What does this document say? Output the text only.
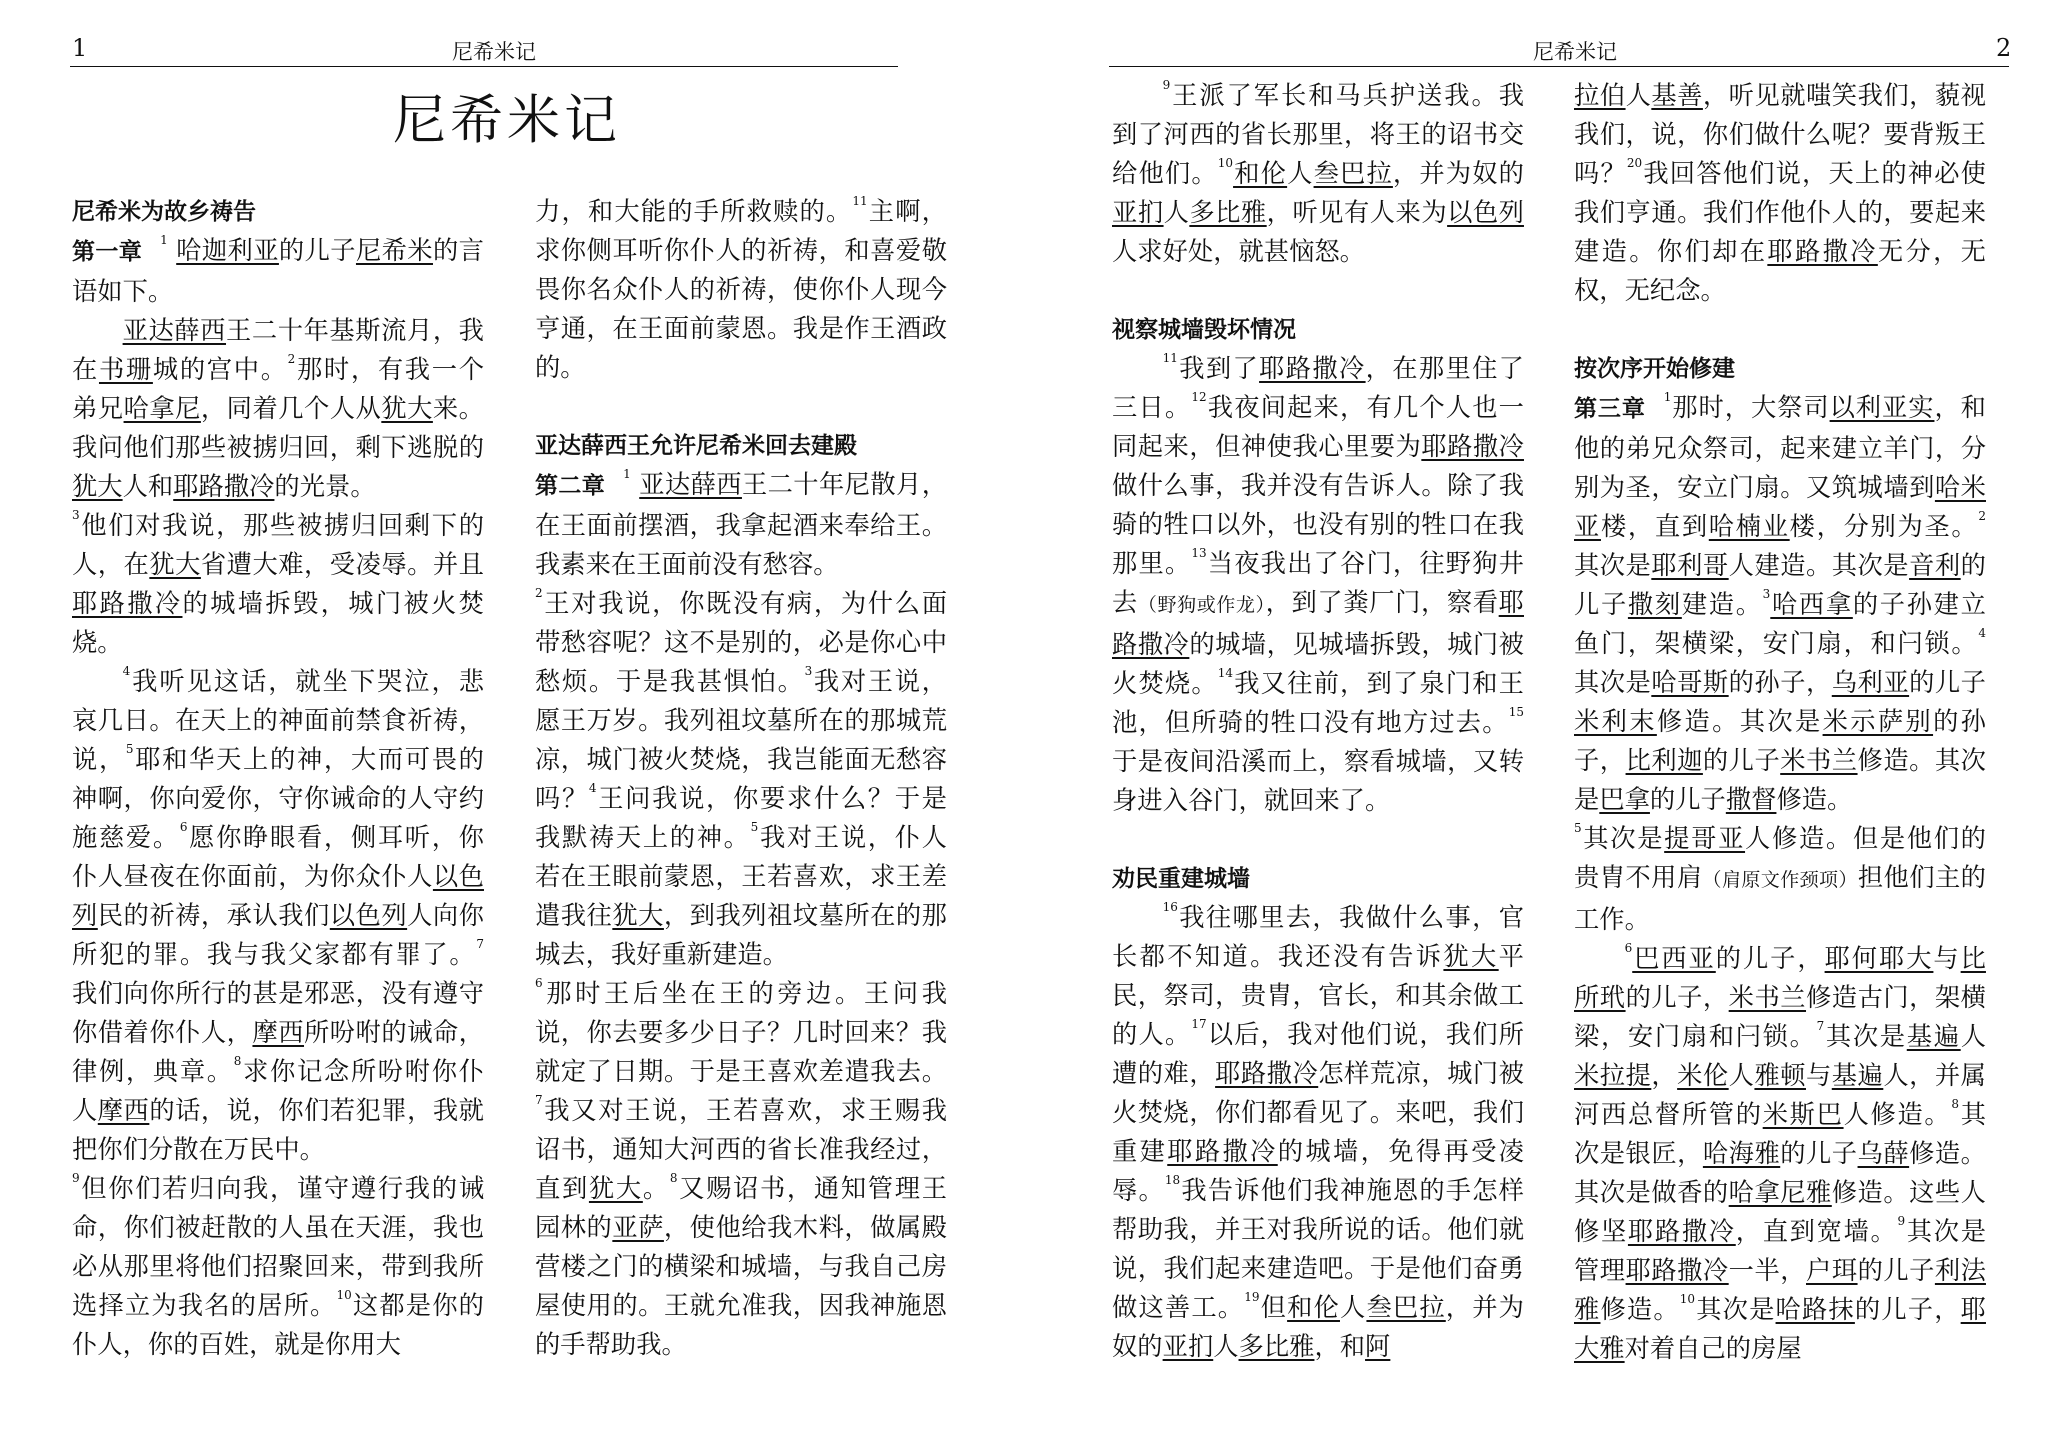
1	尼希米记
尼希米记
尼希米为故乡祷告

第一章 $^1$ 哈迦利亚的儿子尼希米的言语如下。

亚达薛西王二十年基斯流月，我在书珊城的宫中。$^2$那时，有我一个弟兄哈拿尼，同着几个人从犹大来。我问他们那些被掳归回，剩下逃脱的犹大人和耶路撒冷的光景。

$^3$他们对我说，那些被掳归回剩下的人，在犹大省遭大难，受凌辱。并且耶路撒冷的城墙拆毁，城门被火焚烧。

$^4$我听见这话，就坐下哭泣，悲哀几日。在天上的神面前禁食祈祷，说，$^5$耶和华天上的神，大而可畏的神啊，你向爱你，守你诫命的人守约施慈爱。$^6$愿你睁眼看，侧耳听，你仆人昼夜在你面前，为你众仆人以色列民的祈祷，承认我们以色列人向你所犯的罪。我与我父家都有罪了。$^7$我们向你所行的甚是邪恶，没有遵守你借着你仆人，摩西所吩咐的诫命，律例，典章。$^8$求你记念所吩咐你仆人摩西的话，说，你们若犯罪，我就把你们分散在万民中。

$^9$但你们若归向我，谨守遵行我的诫命，你们被赶散的人虽在天涯，我也必从那里将他们招聚回来，带到我所选择立为我名的居所。$^{10}$这都是你的仆人，你的百姓，就是你用大

力，和大能的手所救赎的。$^{11}$主啊，求你侧耳听你仆人的祈祷，和喜爱敬畏你名众仆人的祈祷，使你仆人现今亨通，在王面前蒙恩。我是作王酒政的。

亚达薛西王允许尼希米回去建殿

第二章 $^1$ 亚达薛西王二十年尼散月，在王面前摆酒，我拿起酒来奉给王。我素来在王面前没有愁容。

$^2$王对我说，你既没有病，为什么面带愁容呢？这不是别的，必是你心中愁烦。于是我甚惧怕。$^3$我对王说，愿王万岁。我列祖坟墓所在的那城荒凉，城门被火焚烧，我岂能面无愁容吗？$^4$王问我说，你要求什么？于是我默祷天上的神。$^5$我对王说，仆人若在王眼前蒙恩，王若喜欢，求王差遣我往犹大，到我列祖坟墓所在的那城去，我好重新建造。

$^6$那时王后坐在王的旁边。王问我说，你去要多少日子？几时回来？我就定了日期。于是王喜欢差遣我去。$^7$我又对王说，王若喜欢，求王赐我诏书，通知大河西的省长准我经过，直到犹大。$^8$又赐诏书，通知管理王园林的亚萨，使他给我木料，做属殿营楼之门的横梁和城墙，与我自己房屋使用的。王就允准我，因我神施恩的手帮助我。

尼希米记	2

$^9$王派了军长和马兵护送我。我到了河西的省长那里，将王的诏书交给他们。$^{10}$和伦人叁巴拉，并为奴的亚扪人多比雅，听见有人来为以色列人求好处，就甚恼怒。

视察城墙毁坏情况

$^{11}$我到了耶路撒冷，在那里住了三日。$^{12}$我夜间起来，有几个人也一同起来，但神使我心里要为耶路撒冷做什么事，我并没有告诉人。除了我骑的牲口以外，也没有别的牲口在我那里。$^{13}$当夜我出了谷门，往野狗井去（野狗或作龙），到了粪厂门，察看耶路撒冷的城墙，见城墙拆毁，城门被火焚烧。$^{14}$我又往前，到了泉门和王池，但所骑的牲口没有地方过去。$^{15}$于是夜间沿溪而上，察看城墙，又转身进入谷门，就回来了。

劝民重建城墙

$^{16}$我往哪里去，我做什么事，官长都不知道。我还没有告诉犹大平民，祭司，贵胄，官长，和其余做工的人。$^{17}$以后，我对他们说，我们所遭的难，耶路撒冷怎样荒凉，城门被火焚烧，你们都看见了。来吧，我们重建耶路撒冷的城墙，免得再受凌辱。$^{18}$我告诉他们我神施恩的手怎样帮助我，并王对我所说的话。他们就说，我们起来建造吧。于是他们奋勇做这善工。$^{19}$但和伦人叁巴拉，并为奴的亚扪人多比雅，和阿

拉伯人基善，听见就嗤笑我们，藐视我们，说，你们做什么呢？要背叛王吗？$^{20}$我回答他们说，天上的神必使我们亨通。我们作他仆人的，要起来建造。你们却在耶路撒冷无分，无权，无纪念。

按次序开始修建

第三章 $^1$那时，大祭司以利亚实，和他的弟兄众祭司，起来建立羊门，分别为圣，安立门扇。又筑城墙到哈米亚楼，直到哈楠业楼，分别为圣。$^2$其次是耶利哥人建造。其次是音利的儿子撒刻建造。$^3$哈西拿的子孙建立鱼门，架横梁，安门扇，和闩锁。$^4$其次是哈哥斯的孙子，乌利亚的儿子米利末修造。其次是米示萨别的孙子，比利迦的儿子米书兰修造。其次是巴拿的儿子撒督修造。

$^5$其次是提哥亚人修造。但是他们的贵胄不用肩（肩原文作颈项）担他们主的工作。

$^6$巴西亚的儿子，耶何耶大与比所玳的儿子，米书兰修造古门，架横梁，安门扇和闩锁。$^7$其次是基遍人米拉提，米伦人雅顿与基遍人，并属河西总督所管的米斯巴人修造。$^8$其次是银匠，哈海雅的儿子乌薛修造。其次是做香的哈拿尼雅修造。这些人修坚耶路撒冷，直到宽墙。$^9$其次是管理耶路撒冷一半，户珥的儿子利法雅修造。$^{10}$其次是哈路抹的儿子，耶大雅对着自己的房屋
